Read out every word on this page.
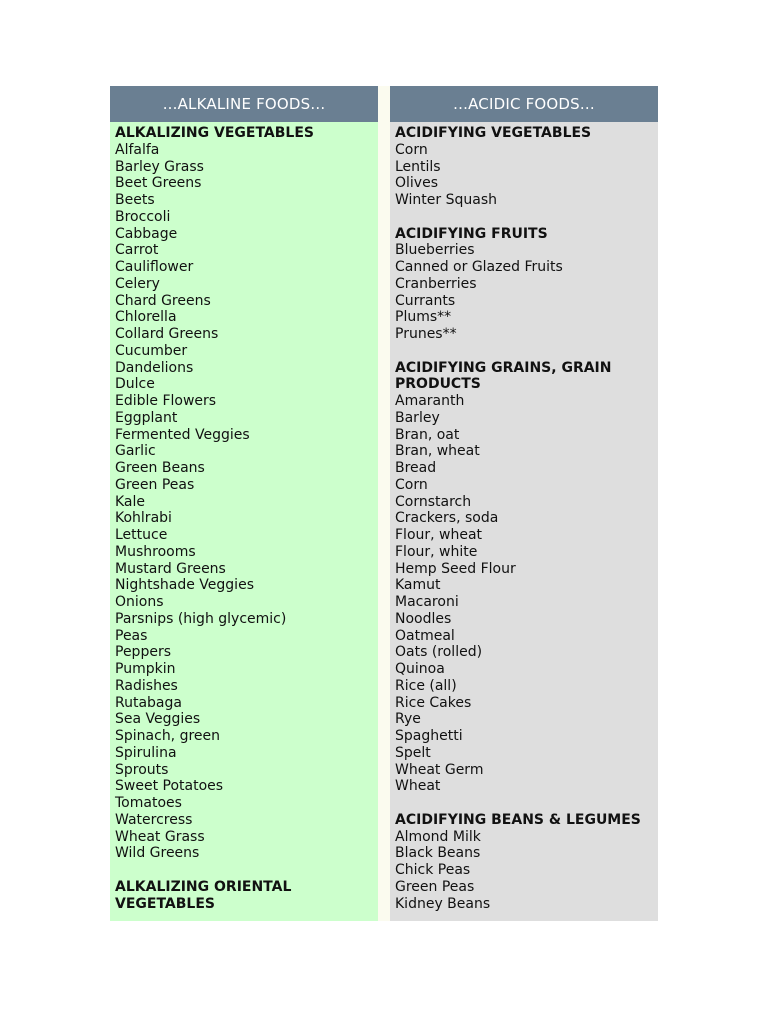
...ALKALINE FOODS...
ALKALIZING VEGETABLES
Alfalfa
Barley Grass
Beet Greens
Beets
Broccoli
Cabbage
Carrot
Cauliflower
Celery
Chard Greens
Chlorella
Collard Greens
Cucumber
Dandelions
Dulce
Edible Flowers
Eggplant
Fermented Veggies
Garlic
Green Beans
Green Peas
Kale
Kohlrabi
Lettuce
Mushrooms
Mustard Greens
Nightshade Veggies
Onions
Parsnips (high glycemic)
Peas
Peppers
Pumpkin
Radishes
Rutabaga
Sea Veggies
Spinach, green
Spirulina
Sprouts
Sweet Potatoes
Tomatoes
Watercress
Wheat Grass
Wild Greens
ALKALIZING ORIENTAL VEGETABLES
...ACIDIC FOODS...
ACIDIFYING VEGETABLES
Corn
Lentils
Olives
Winter Squash
ACIDIFYING FRUITS
Blueberries
Canned or Glazed Fruits
Cranberries
Currants
Plums**
Prunes**
ACIDIFYING GRAINS, GRAIN PRODUCTS
Amaranth
Barley
Bran, oat
Bran, wheat
Bread
Corn
Cornstarch
Crackers, soda
Flour, wheat
Flour, white
Hemp Seed Flour
Kamut
Macaroni
Noodles
Oatmeal
Oats (rolled)
Quinoa
Rice (all)
Rice Cakes
Rye
Spaghetti
Spelt
Wheat Germ
Wheat
ACIDIFYING BEANS & LEGUMES
Almond Milk
Black Beans
Chick Peas
Green Peas
Kidney Beans
